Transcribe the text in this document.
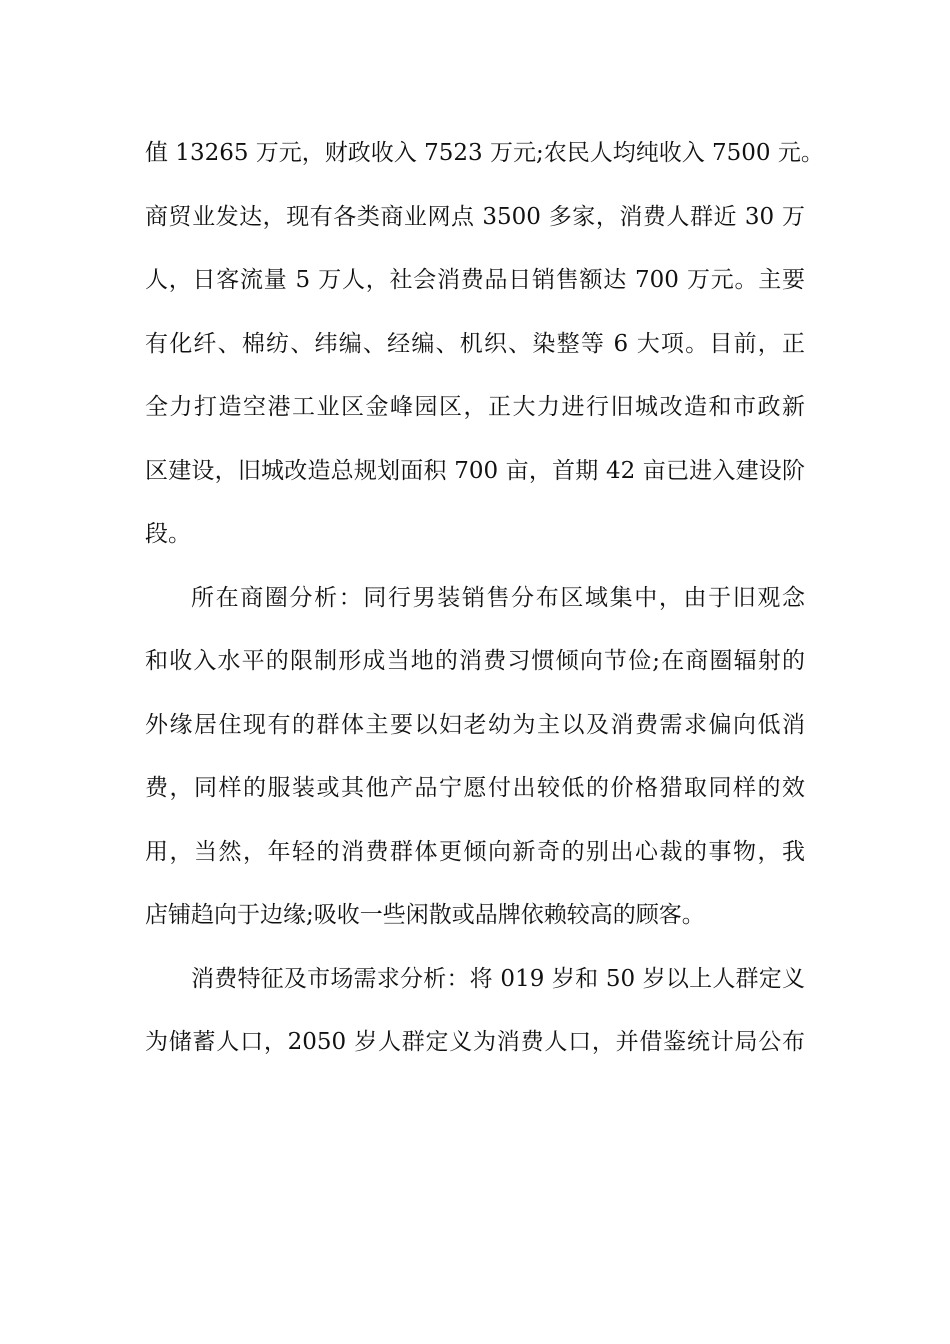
值 13265 万元，财政收入 7523 万元;农民人均纯收入 7500 元。
商贸业发达，现有各类商业网点 3500 多家，消费人群近 30 万
人，日客流量 5 万人，社会消费品日销售额达 700 万元。主要
有化纤、棉纺、纬编、经编、机织、染整等 6 大项。目前，正
全力打造空港工业区金峰园区，正大力进行旧城改造和市政新
区建设，旧城改造总规划面积 700 亩，首期 42 亩已进入建设阶
段。
所在商圈分析：同行男装销售分布区域集中，由于旧观念
和收入水平的限制形成当地的消费习惯倾向节俭;在商圈辐射的
外缘居住现有的群体主要以妇老幼为主以及消费需求偏向低消
费，同样的服装或其他产品宁愿付出较低的价格猎取同样的效
用，当然，年轻的消费群体更倾向新奇的别出心裁的事物，我
店铺趋向于边缘;吸收一些闲散或品牌依赖较高的顾客。
消费特征及市场需求分析：将 019 岁和 50 岁以上人群定义
为储蓄人口，2050 岁人群定义为消费人口，并借鉴统计局公布
